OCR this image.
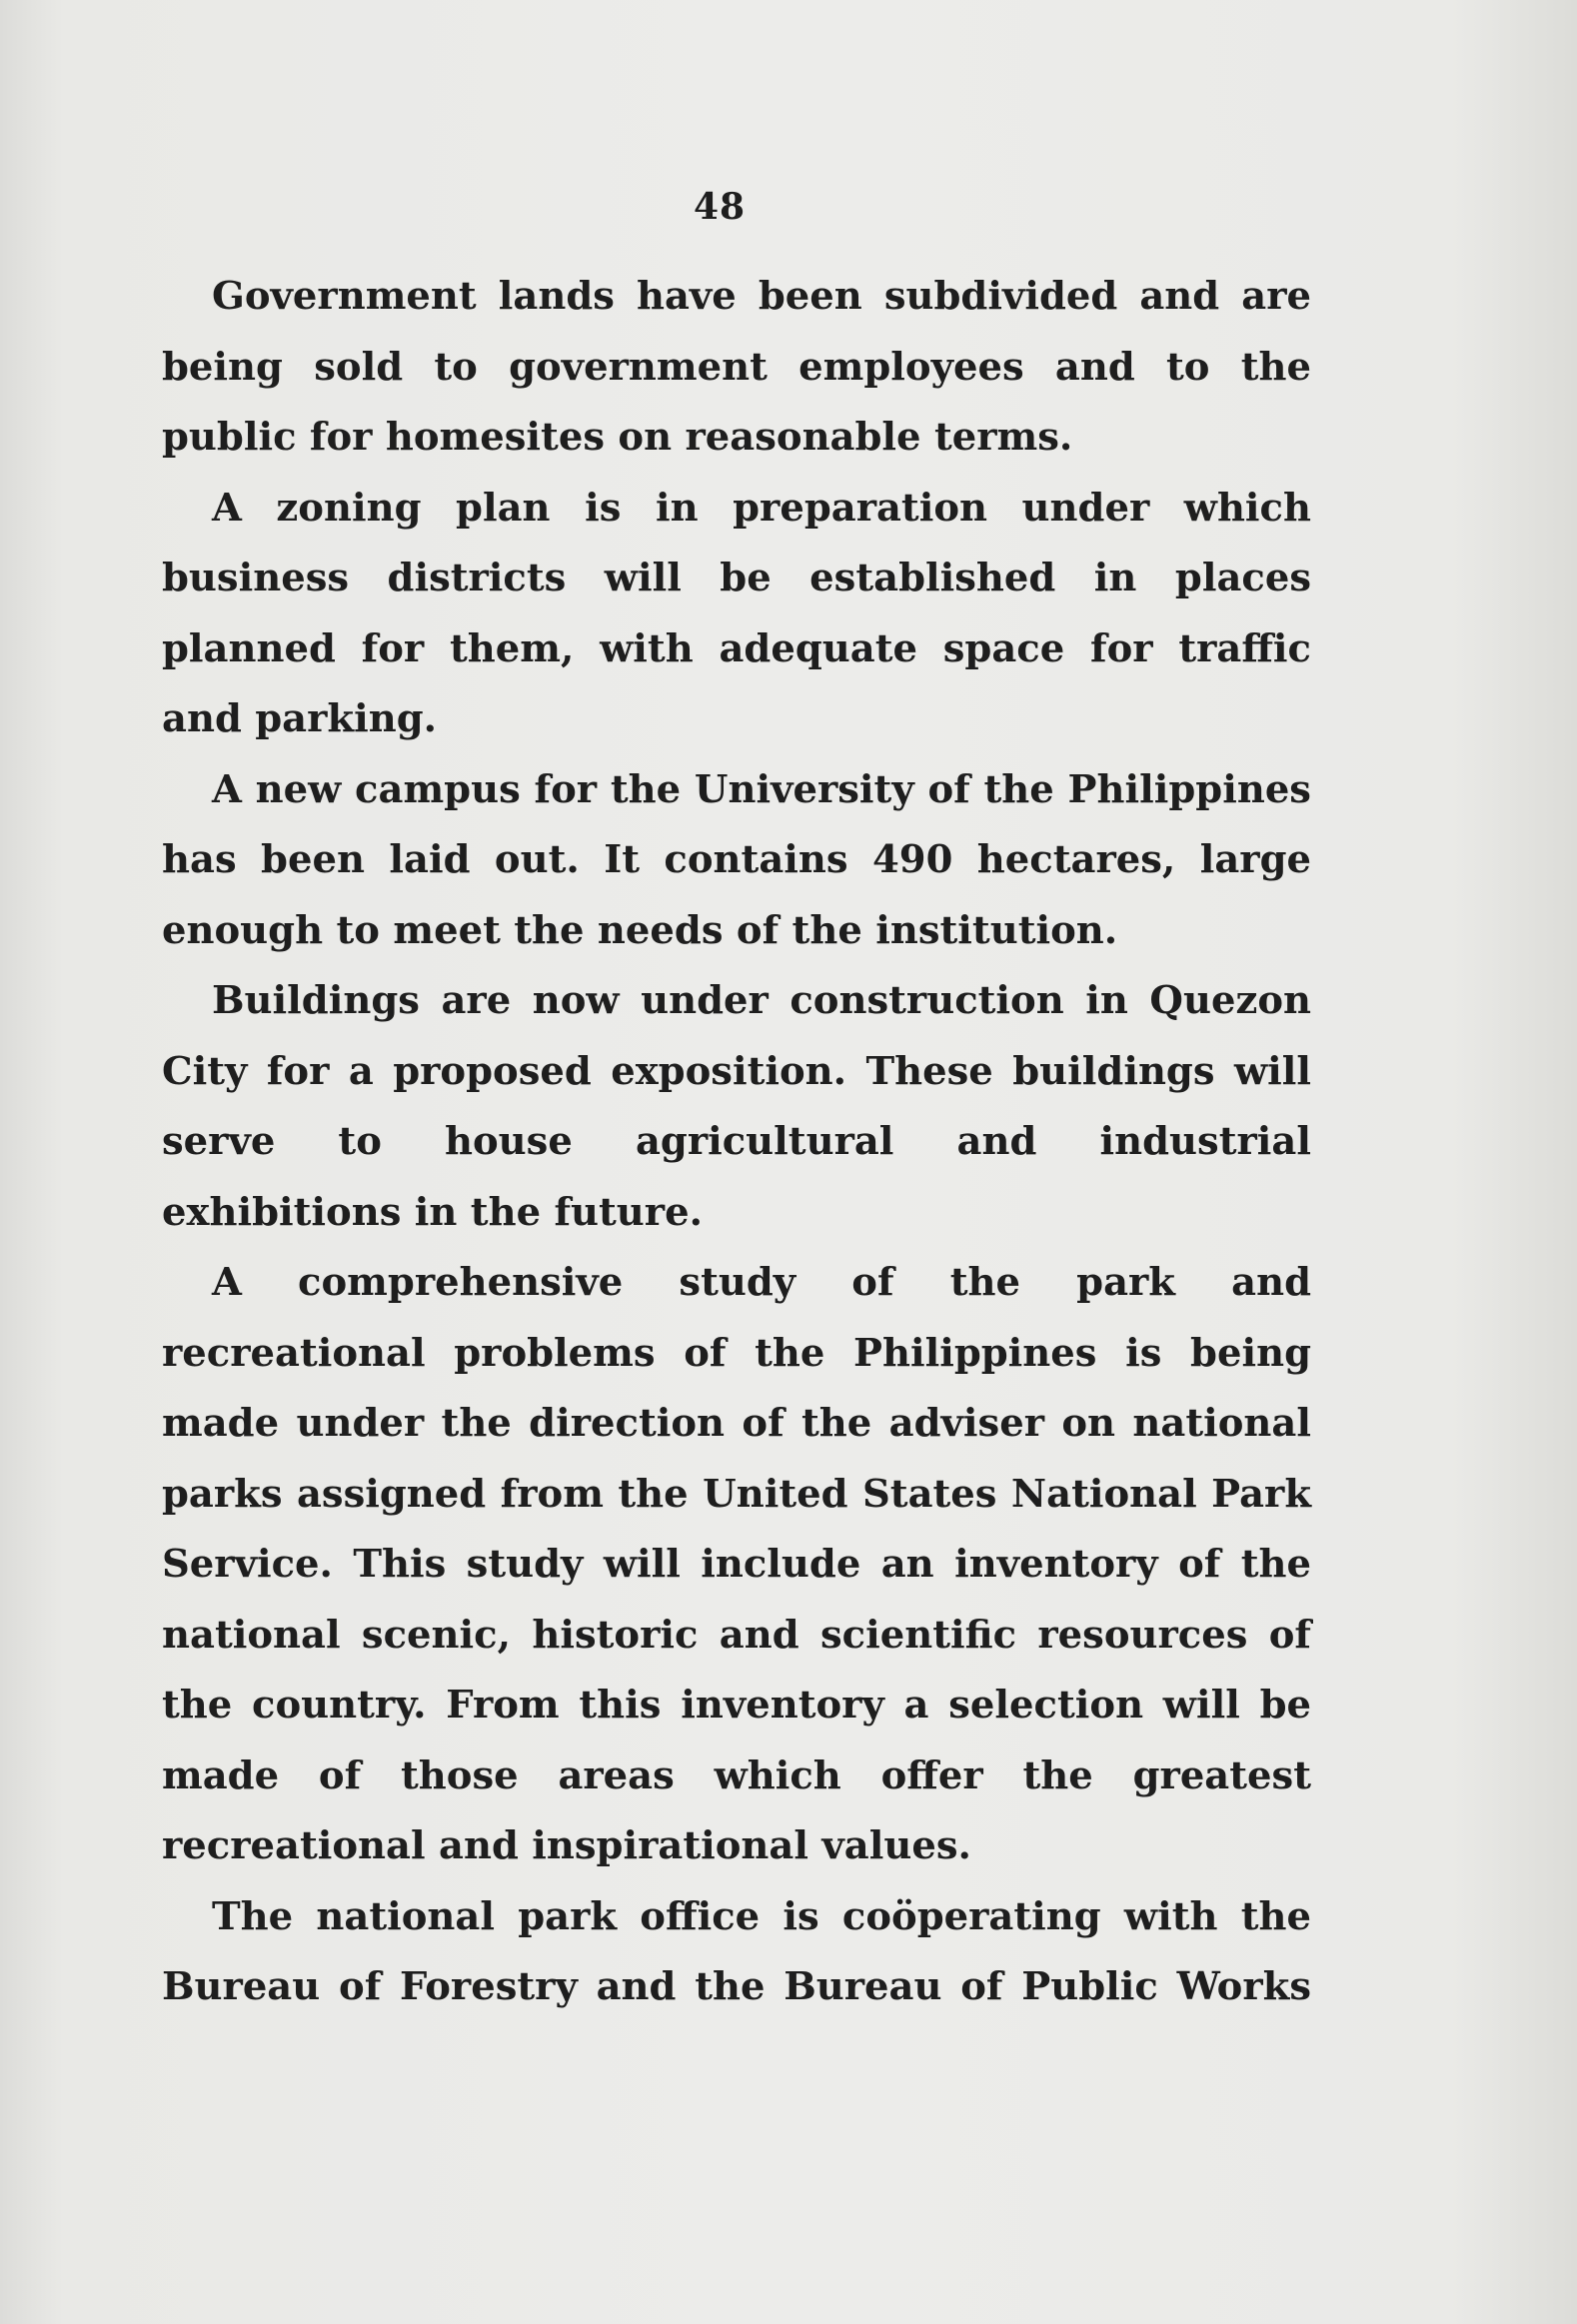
48

Government lands have been subdivided and are being sold to government employees and to the public for homesites on reasonable terms.

A zoning plan is in preparation under which business districts will be established in places planned for them, with adequate space for traffic and parking.

A new campus for the University of the Philippines has been laid out. It contains 490 hectares, large enough to meet the needs of the institution.

Buildings are now under construction in Quezon City for a proposed exposition. These buildings will serve to house agricultural and industrial exhibitions in the future.

A comprehensive study of the park and recreational problems of the Philippines is being made under the direction of the adviser on national parks assigned from the United States National Park Service. This study will include an inventory of the national scenic, historic and scientific resources of the country. From this inventory a selection will be made of those areas which offer the greatest recreational and inspirational values.

The national park office is coöperating with the Bureau of Forestry and the Bureau of Public Works
